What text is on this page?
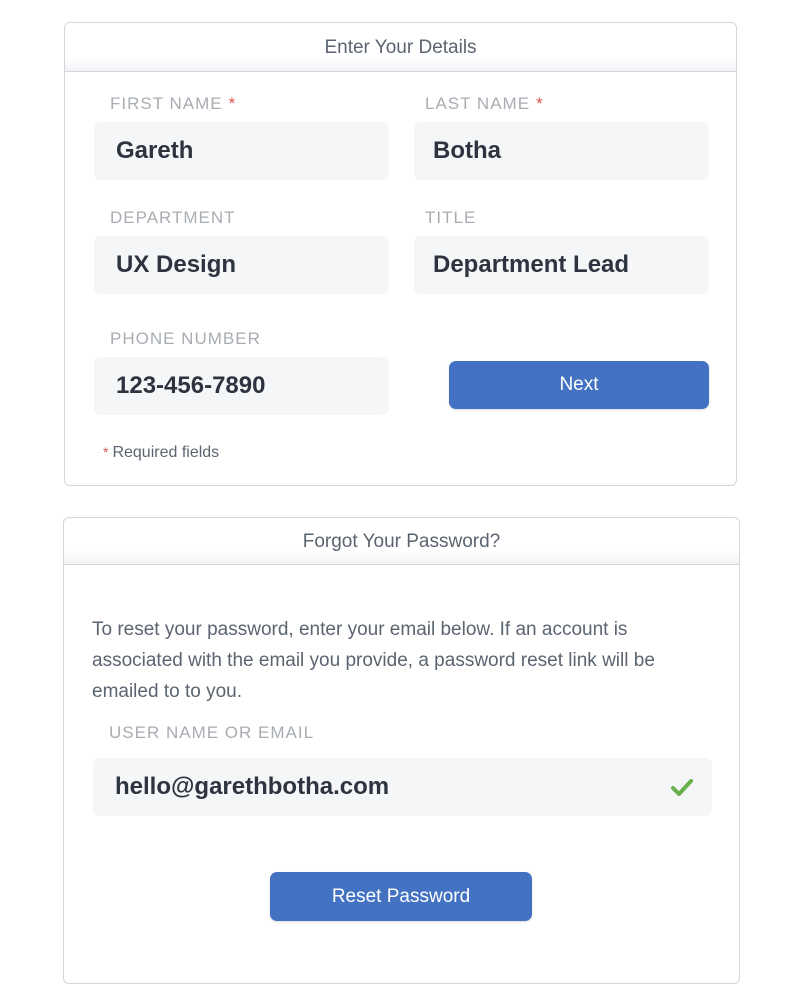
Enter Your Details
FIRST NAME *
Gareth
LAST NAME *
Botha
DEPARTMENT
UX Design
TITLE
Department Lead
PHONE NUMBER
123-456-7890	Next
* Required fields
Forgot Your Password?
To reset your password, enter your email below. If an account is associated with the email you provide, a password reset link will be emailed to to you.
USER NAME OR EMAIL
hello@garethbotha.com
Reset Password
